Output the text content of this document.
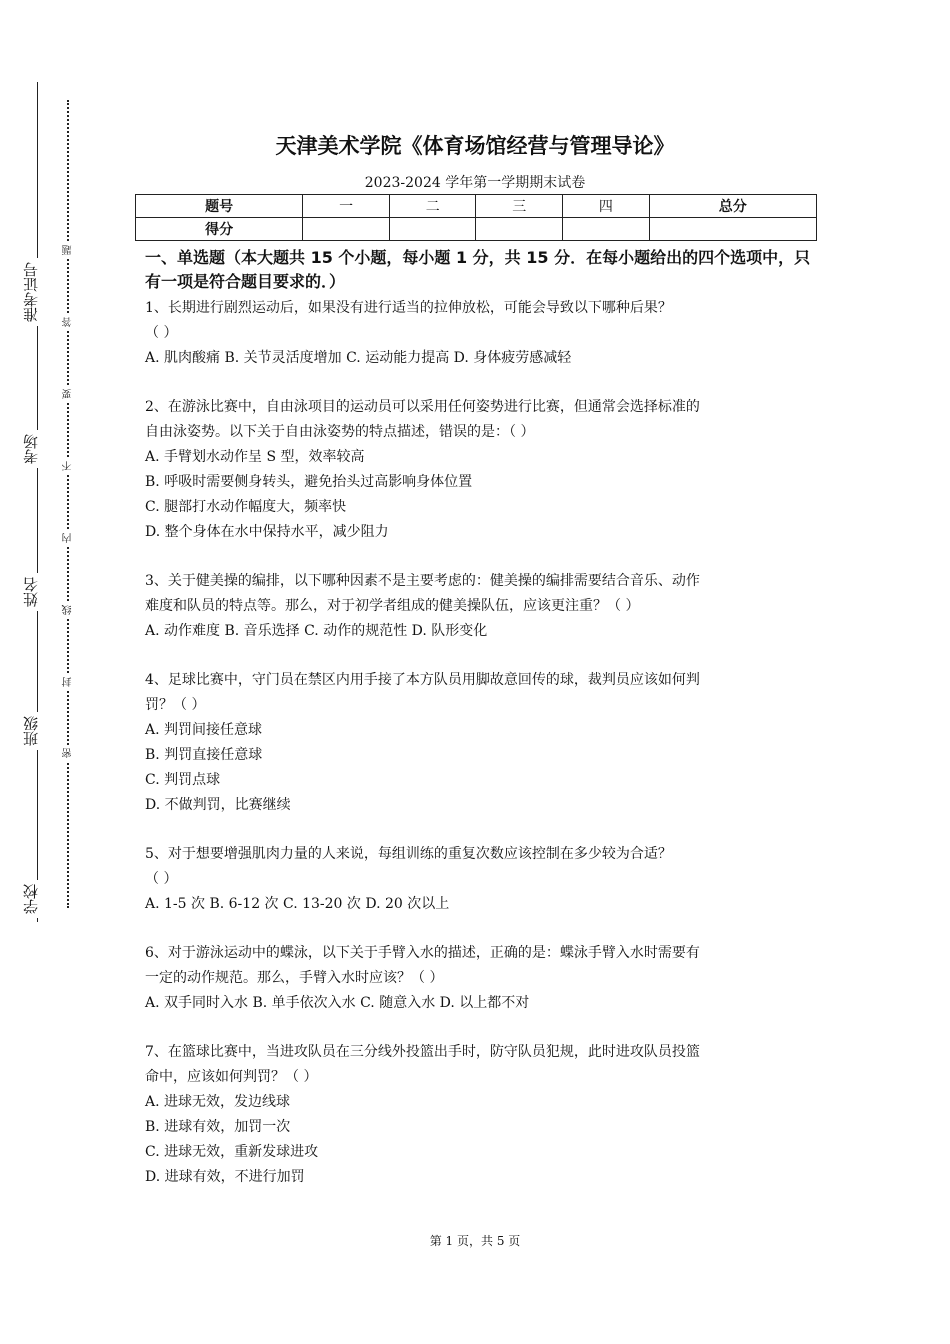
学校
班级
姓名
考场
准考证号
密
封
线
内
不
要
答
题
天津美术学院《体育场馆经营与管理导论》
2023-2024 学年第一学期期末试卷
题号	一	二	三	四	总分
得分					
一、单选题（本大题共 15 个小题，每小题 1 分，共 15 分．在每小题给出的四个选项中，只有一项是符合题目要求的．）

1、长期进行剧烈运动后，如果没有进行适当的拉伸放松，可能会导致以下哪种后果？

（ ）

A. 肌肉酸痛 B. 关节灵活度增加 C. 运动能力提高 D. 身体疲劳感减轻

2、在游泳比赛中，自由泳项目的运动员可以采用任何姿势进行比赛，但通常会选择标准的

自由泳姿势。以下关于自由泳姿势的特点描述，错误的是：（ ）

A. 手臂划水动作呈 S 型，效率较高

B. 呼吸时需要侧身转头，避免抬头过高影响身体位置

C. 腿部打水动作幅度大，频率快

D. 整个身体在水中保持水平，减少阻力

3、关于健美操的编排，以下哪种因素不是主要考虑的：健美操的编排需要结合音乐、动作

难度和队员的特点等。那么，对于初学者组成的健美操队伍，应该更注重？（ ）

A. 动作难度 B. 音乐选择 C. 动作的规范性 D. 队形变化

4、足球比赛中，守门员在禁区内用手接了本方队员用脚故意回传的球，裁判员应该如何判

罚？（ ）

A. 判罚间接任意球

B. 判罚直接任意球

C. 判罚点球

D. 不做判罚，比赛继续

5、对于想要增强肌肉力量的人来说，每组训练的重复次数应该控制在多少较为合适？

（ ）

A. 1-5 次 B. 6-12 次 C. 13-20 次 D. 20 次以上

6、对于游泳运动中的蝶泳，以下关于手臂入水的描述，正确的是：蝶泳手臂入水时需要有

一定的动作规范。那么，手臂入水时应该？（ ）

A. 双手同时入水 B. 单手依次入水 C. 随意入水 D. 以上都不对

7、在篮球比赛中，当进攻队员在三分线外投篮出手时，防守队员犯规，此时进攻队员投篮

命中，应该如何判罚？（ ）

A. 进球无效，发边线球

B. 进球有效，加罚一次

C. 进球无效，重新发球进攻

D. 进球有效，不进行加罚

第 1 页，共 5 页
